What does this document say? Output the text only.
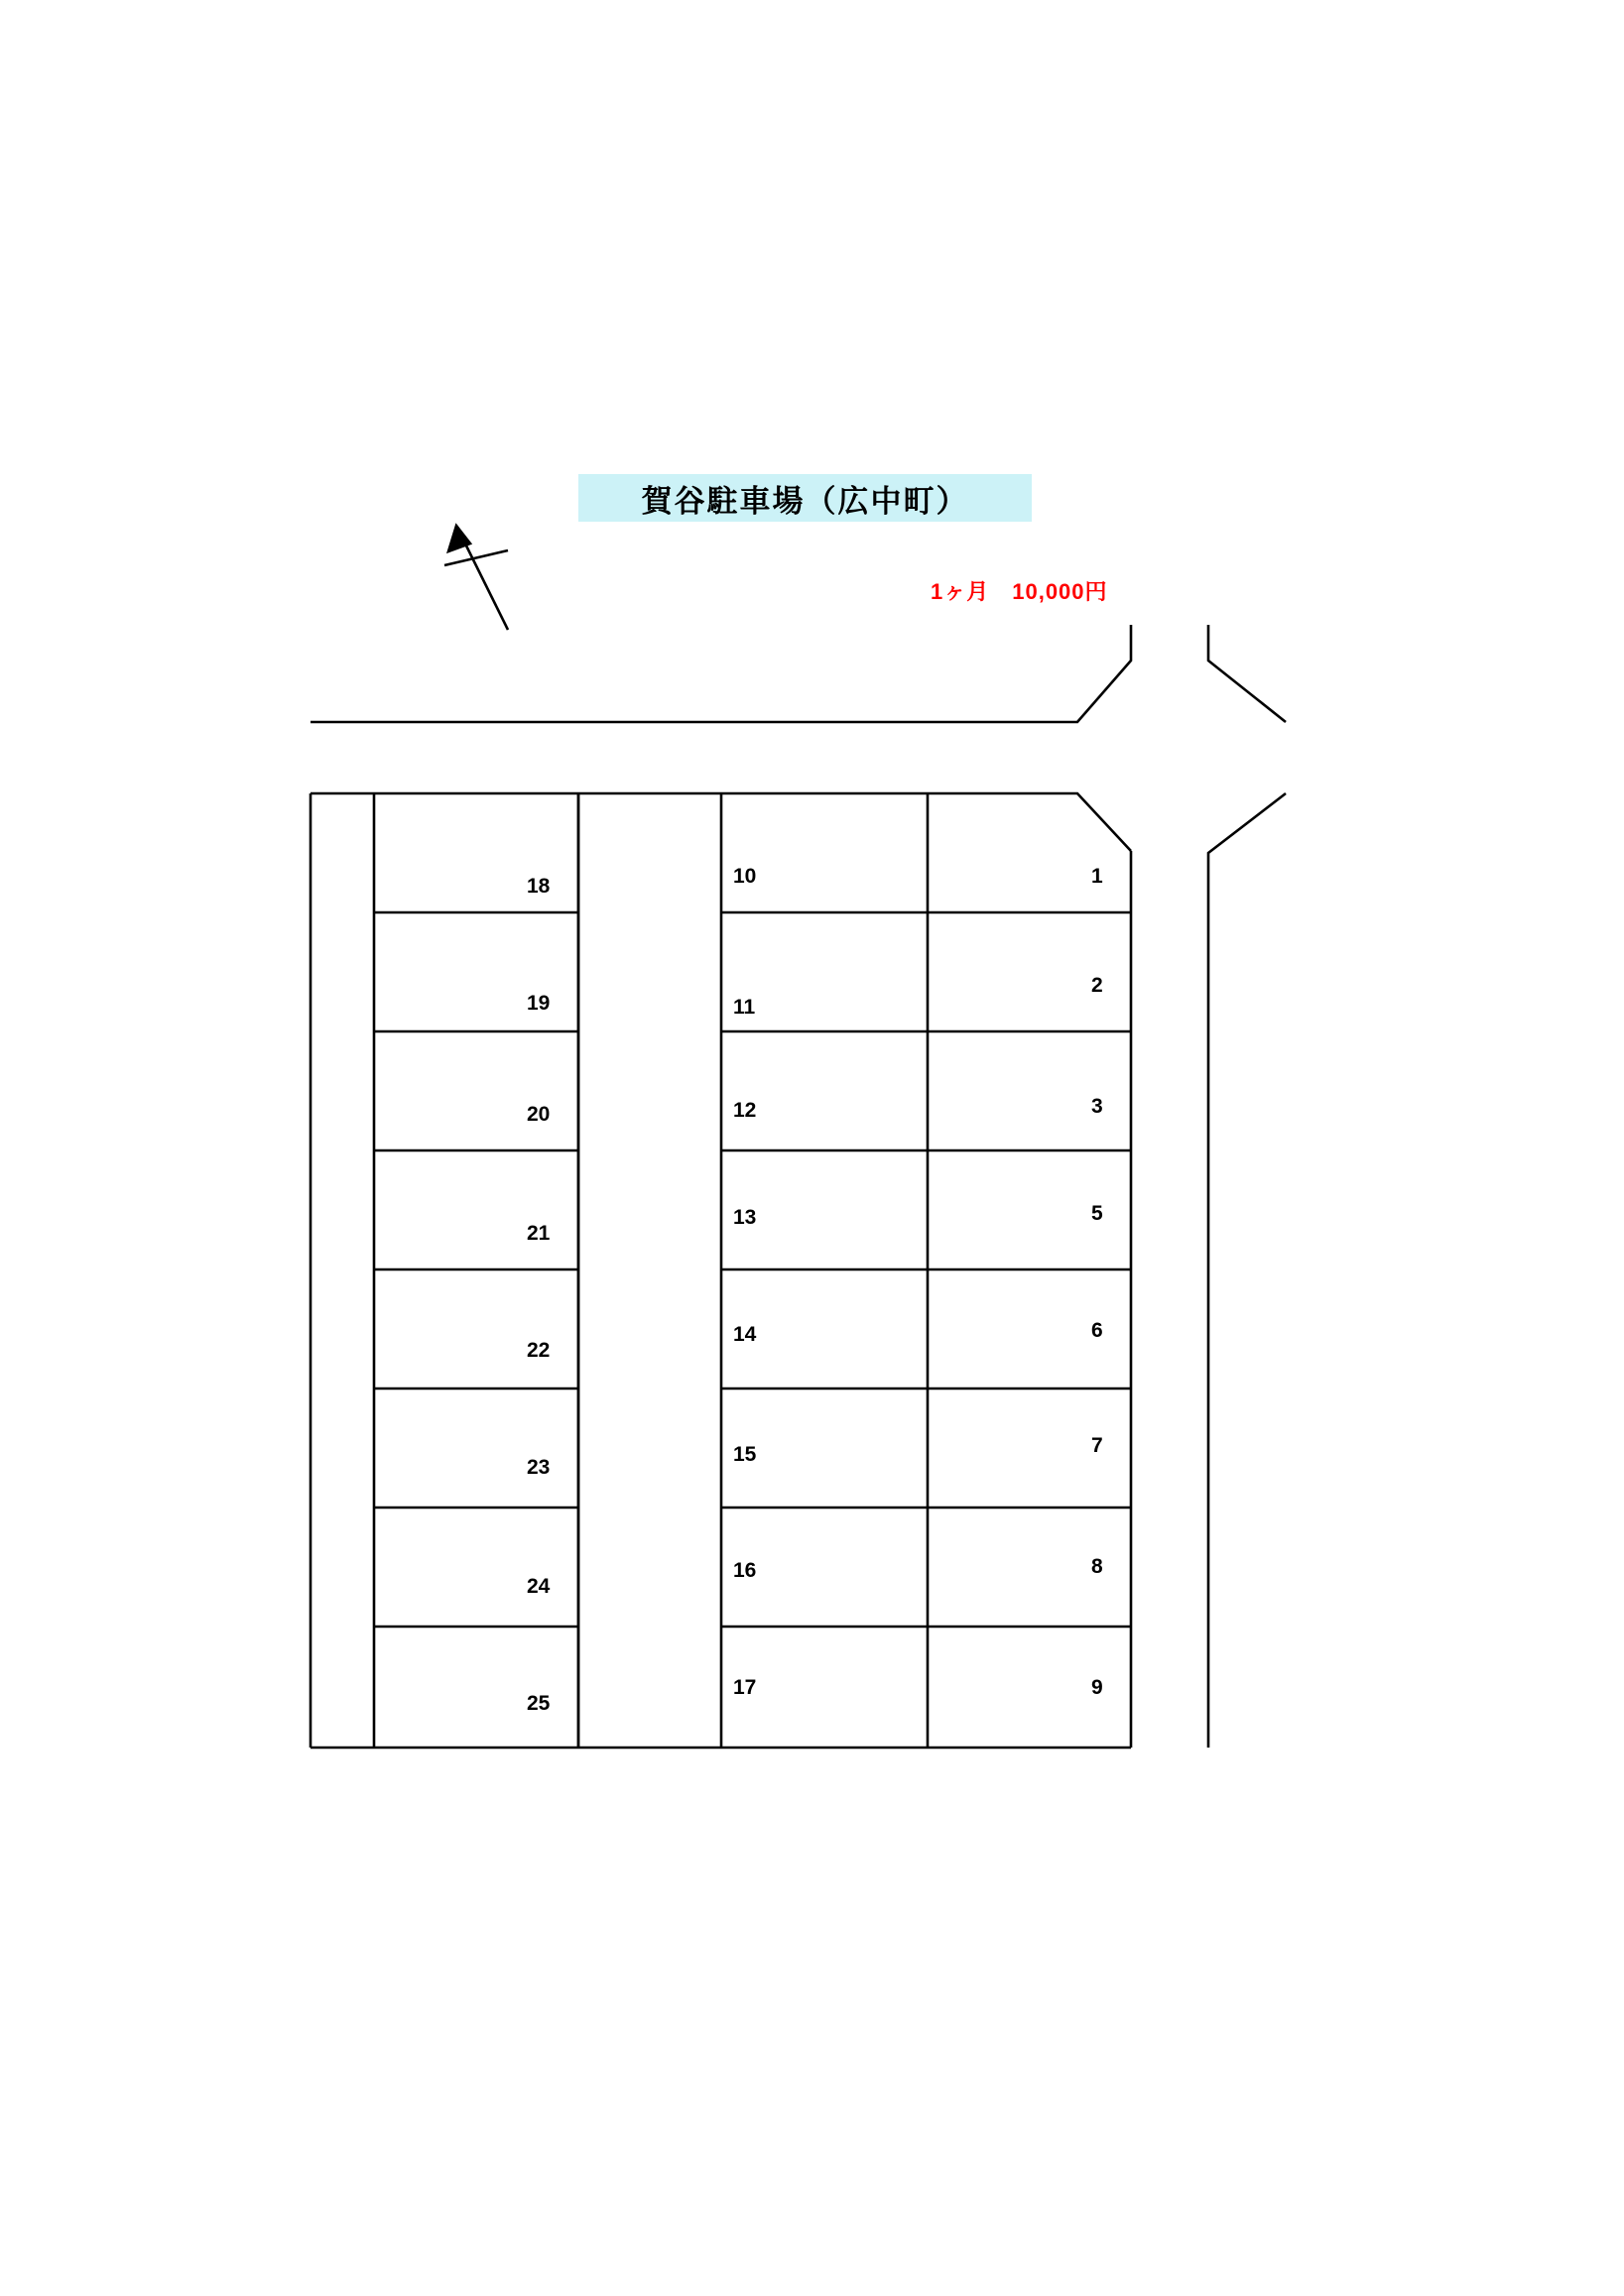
賀谷駐車場（広中町）
1ヶ月　10,000円
18
19
20
21
22
23
24
25
10
11
12
13
14
15
16
17
1
2
3
5
6
7
8
9
